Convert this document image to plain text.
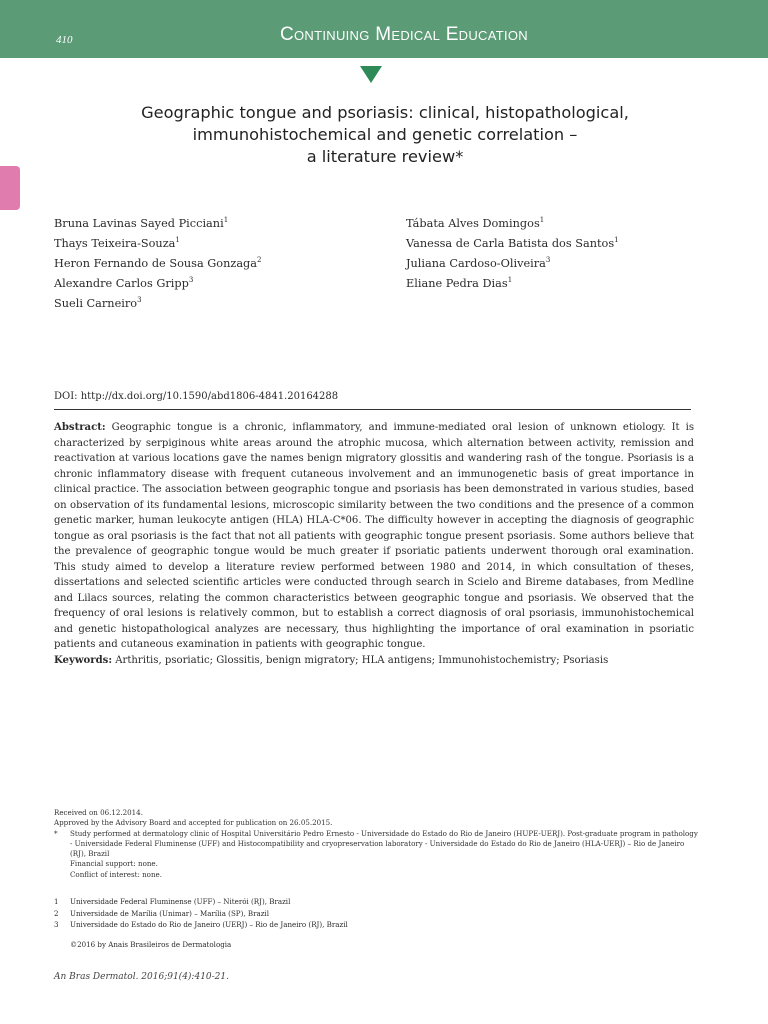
410	Continuing Medical Education
Geographic tongue and psoriasis: clinical, histopathological,
immunohistochemical and genetic correlation –
a literature review*
Bruna Lavinas Sayed Picciani$^1$
Thays Teixeira-Souza$^1$
Heron Fernando de Sousa Gonzaga$^2$
Alexandre Carlos Gripp$^3$
Sueli Carneiro$^3$
Tábata Alves Domingos$^1$
Vanessa de Carla Batista dos Santos$^1$
Juliana Cardoso-Oliveira$^3$
Eliane Pedra Dias$^1$
DOI: http://dx.doi.org/10.1590/abd1806-4841.20164288
Abstract: Geographic tongue is a chronic, inflammatory, and immune-mediated oral lesion of unknown etiology. It is characterized by serpiginous white areas around the atrophic mucosa, which alternation between activity, remission and reactivation at various locations gave the names benign migratory glossitis and wandering rash of the tongue. Psoriasis is a chronic inflammatory disease with frequent cutaneous involvement and an immunogenetic basis of great importance in clinical practice. The association between geographic tongue and psoriasis has been demonstrated in various studies, based on observation of its fundamental lesions, microscopic similarity between the two conditions and the presence of a common genetic marker, human leukocyte antigen (HLA) HLA-C*06. The difficulty however in accepting the diagnosis of geographic tongue as oral psoriasis is the fact that not all patients with geographic tongue present psoriasis. Some authors believe that the prevalence of geographic tongue would be much greater if psoriatic patients underwent thorough oral examination. This study aimed to develop a literature review performed between 1980 and 2014, in which consultation of theses, dissertations and selected scientific articles were conducted through search in Scielo and Bireme databases, from Medline and Lilacs sources, relating the common characteristics between geographic tongue and psoriasis. We observed that the frequency of oral lesions is relatively common, but to establish a correct diagnosis of oral psoriasis, immunohistochemical and genetic histopathological analyzes are necessary, thus highlighting the importance of oral examination in psoriatic patients and cutaneous examination in patients with geographic tongue.
Keywords: Arthritis, psoriatic; Glossitis, benign migratory; HLA antigens; Immunohistochemistry; Psoriasis
Received on 06.12.2014.
Approved by the Advisory Board and accepted for publication on 26.05.2015.
*	Study performed at dermatology clinic of Hospital Universitário Pedro Ernesto - Universidade do Estado do Rio de Janeiro (HUPE-UERJ). Post-graduate program in pathology - Universidade Federal Fluminense (UFF) and Histocompatibility and cryopreservation laboratory - Universidade do Estado do Rio de Janeiro (HLA-UERJ) – Rio de Janeiro (RJ), Brazil
Financial support: none.
Conflict of interest: none.
1	Universidade Federal Fluminense (UFF) – Niterói (RJ), Brazil
2	Universidade de Marília (Unimar) – Marília (SP), Brazil
3	Universidade do Estado do Rio de Janeiro (UERJ) – Rio de Janeiro (RJ), Brazil
©2016 by Anais Brasileiros de Dermatologia
An Bras Dermatol. 2016;91(4):410-21.
